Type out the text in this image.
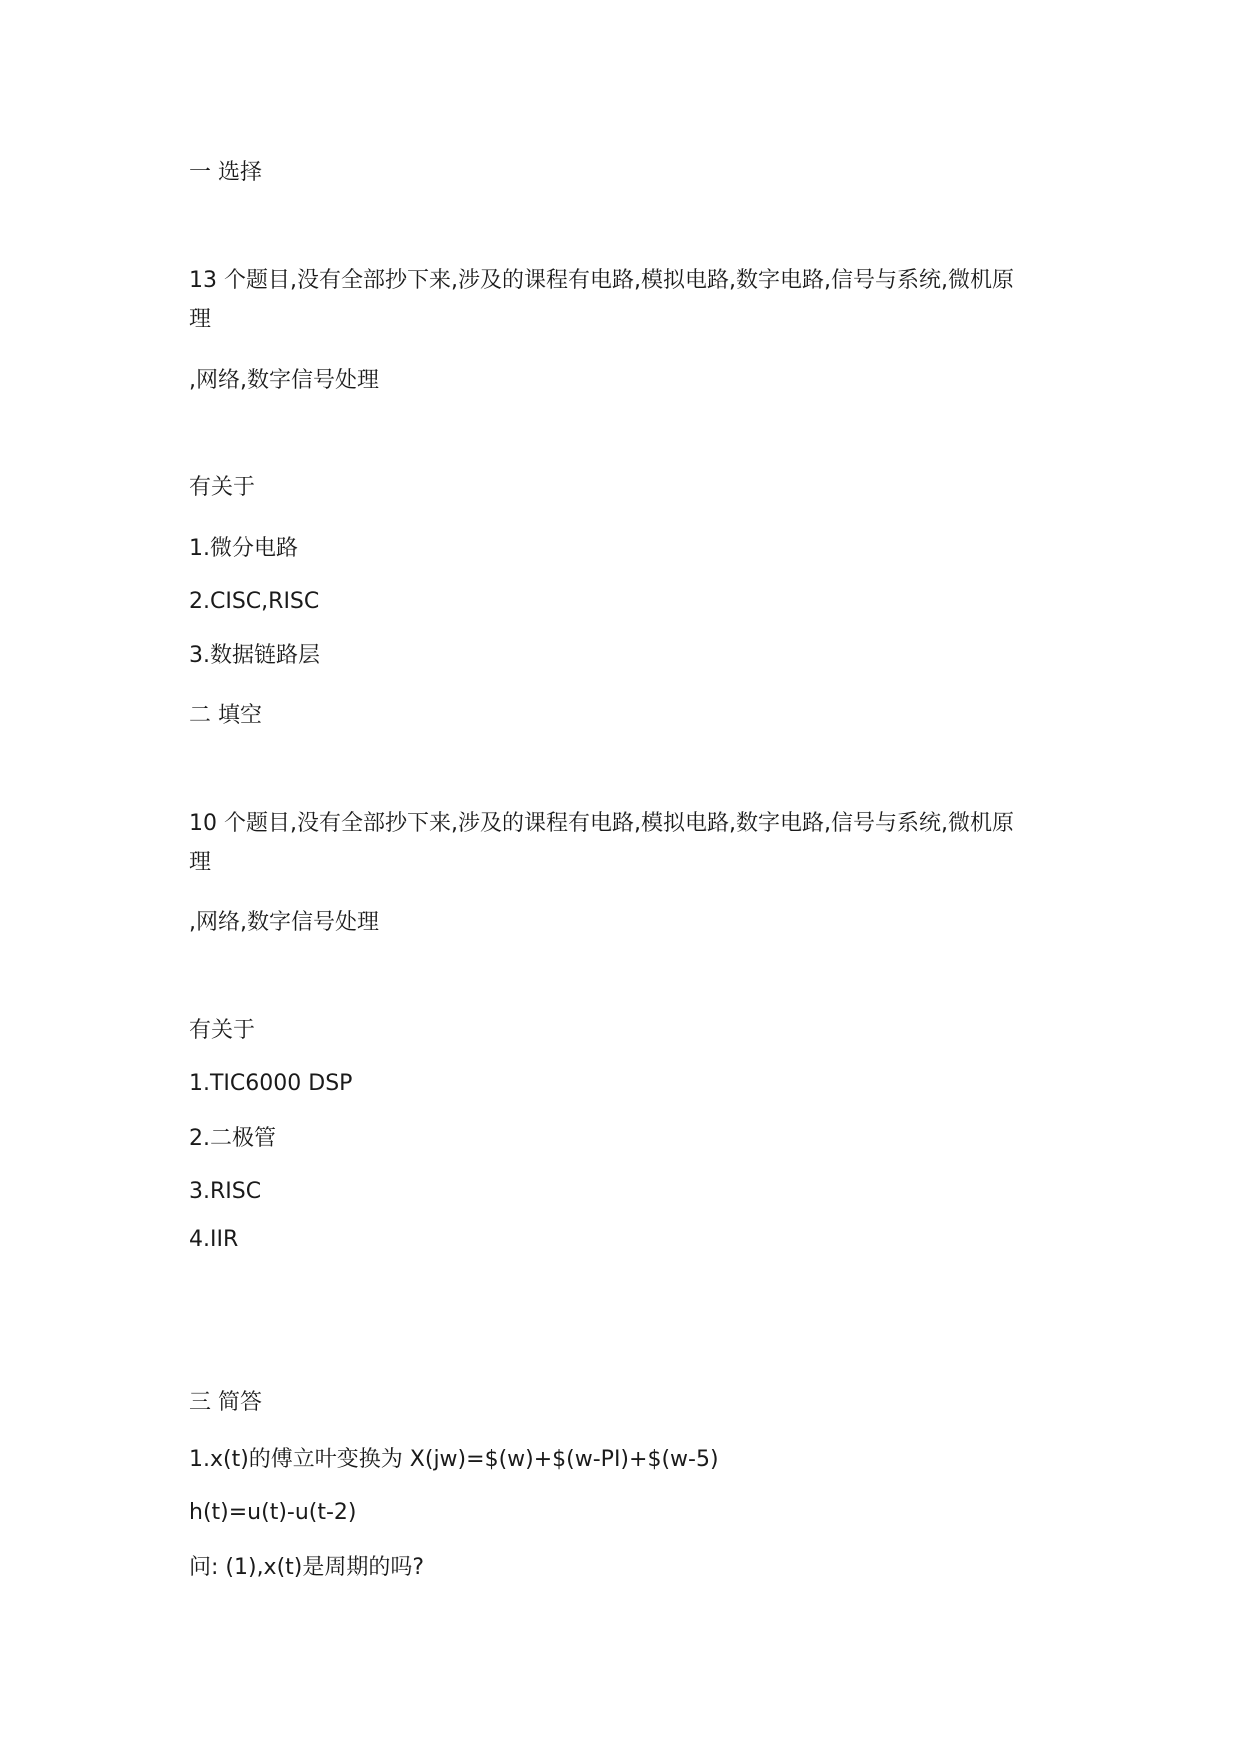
一 选择
13 个题目,没有全部抄下来,涉及的课程有电路,模拟电路,数字电路,信号与系统,微机原
理
,网络,数字信号处理
有关于
1.微分电路
2.CISC,RISC
3.数据链路层
二 填空
10 个题目,没有全部抄下来,涉及的课程有电路,模拟电路,数字电路,信号与系统,微机原
理
,网络,数字信号处理
有关于
1.TIC6000 DSP
2.二极管
3.RISC
4.IIR
三 简答
1.x(t)的傅立叶变换为 X(jw)=$(w)+$(w-PI)+$(w-5)
h(t)=u(t)-u(t-2)
问: (1),x(t)是周期的吗?
